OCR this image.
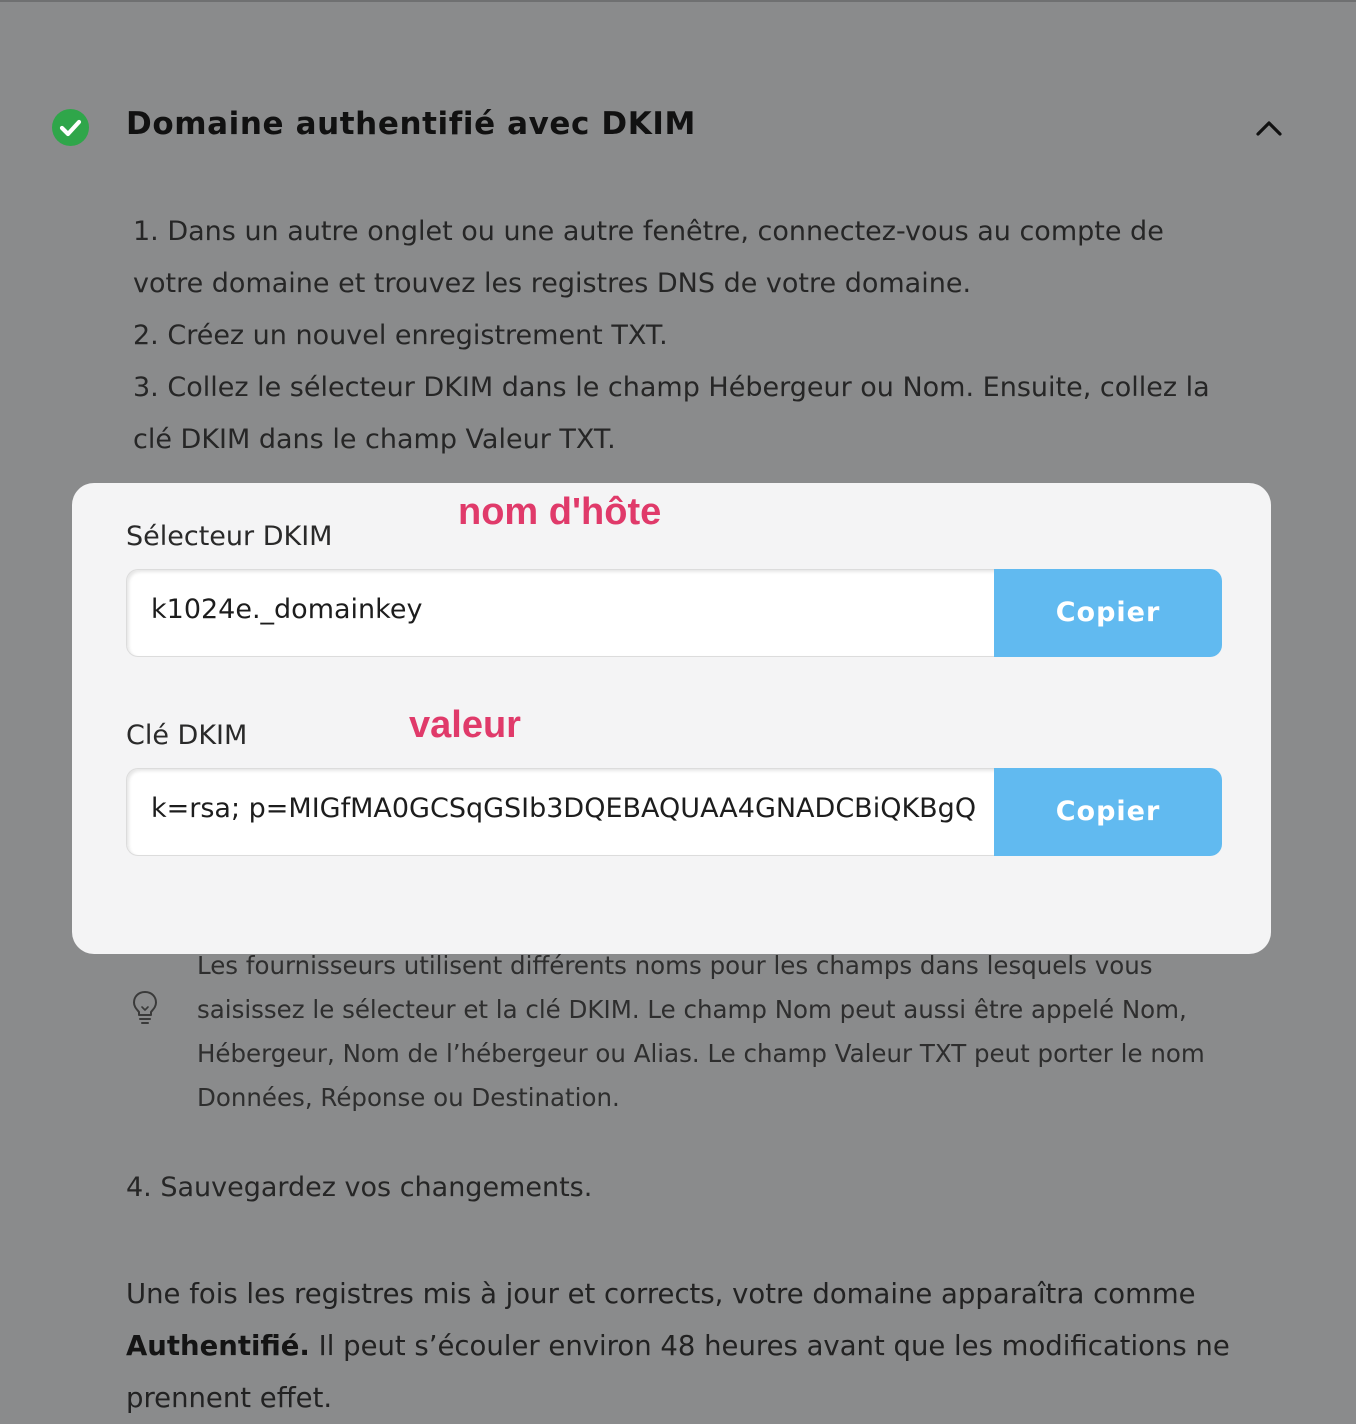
Domaine authentifié avec DKIM

1. Dans un autre onglet ou une autre fenêtre, connectez-vous au compte de votre domaine et trouvez les registres DNS de votre domaine.

2. Créez un nouvel enregistrement TXT.

3. Collez le sélecteur DKIM dans le champ Hébergeur ou Nom. Ensuite, collez la clé DKIM dans le champ Valeur TXT.

Sélecteur DKIM
nom d'hôte
k1024e._domainkey	Copier
Clé DKIM	valeur
k=rsa; p=MIGfMA0GCSqGSIb3DQEBAQUAA4GNADCBiQKBgQ	Copier
Les fournisseurs utilisent différents noms pour les champs dans lesquels vous saisissez le sélecteur et la clé DKIM. Le champ Nom peut aussi être appelé Nom, Hébergeur, Nom de l’hébergeur ou Alias. Le champ Valeur TXT peut porter le nom Données, Réponse ou Destination.
4. Sauvegardez vos changements.

Une fois les registres mis à jour et corrects, votre domaine apparaîtra comme

Authentifié. Il peut s’écouler environ 48 heures avant que les modifications ne prennent effet.
